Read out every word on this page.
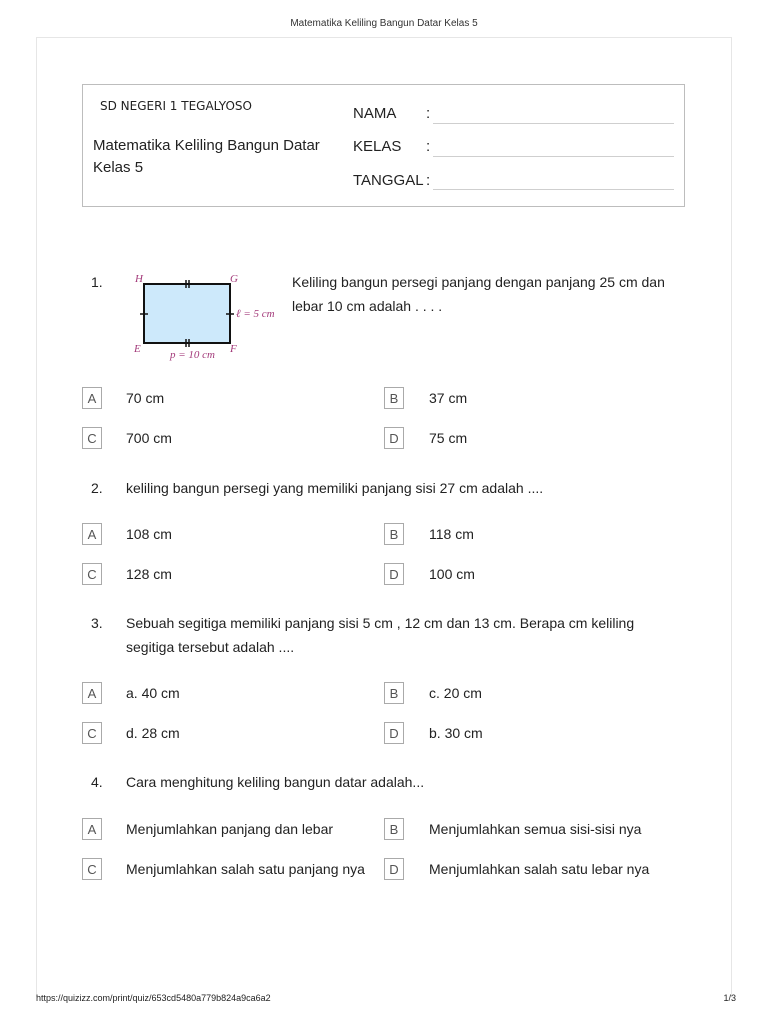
Matematika Keliling Bangun Datar Kelas 5
SD NEGERI 1 TEGALYOSO
Matematika Keliling Bangun Datar Kelas 5
NAMA :
KELAS :
TANGGAL :
1.	H	G
E	F
ℓ = 5 cm
p = 10 cm
Keliling bangun persegi panjang dengan panjang 25 cm dan lebar 10 cm adalah . . . .
A	70 cm	B	37 cm
C	700 cm	D	75 cm
2. keliling bangun persegi yang memiliki panjang sisi 27 cm adalah ....
A	108 cm	B	118 cm
C	128 cm	D	100 cm
3. Sebuah segitiga memiliki panjang sisi 5 cm , 12 cm dan 13 cm. Berapa cm keliling segitiga tersebut adalah ....
A	a. 40 cm	B	c. 20 cm
C	d. 28 cm	D	b. 30 cm
4. Cara menghitung keliling bangun datar adalah...
A	Menjumlahkan panjang dan lebar	B	Menjumlahkan semua sisi-sisi nya
C	Menjumlahkan salah satu panjang nya	D	Menjumlahkan salah satu lebar nya
https://quizizz.com/print/quiz/653cd5480a779b824a9ca6a2	1/3
